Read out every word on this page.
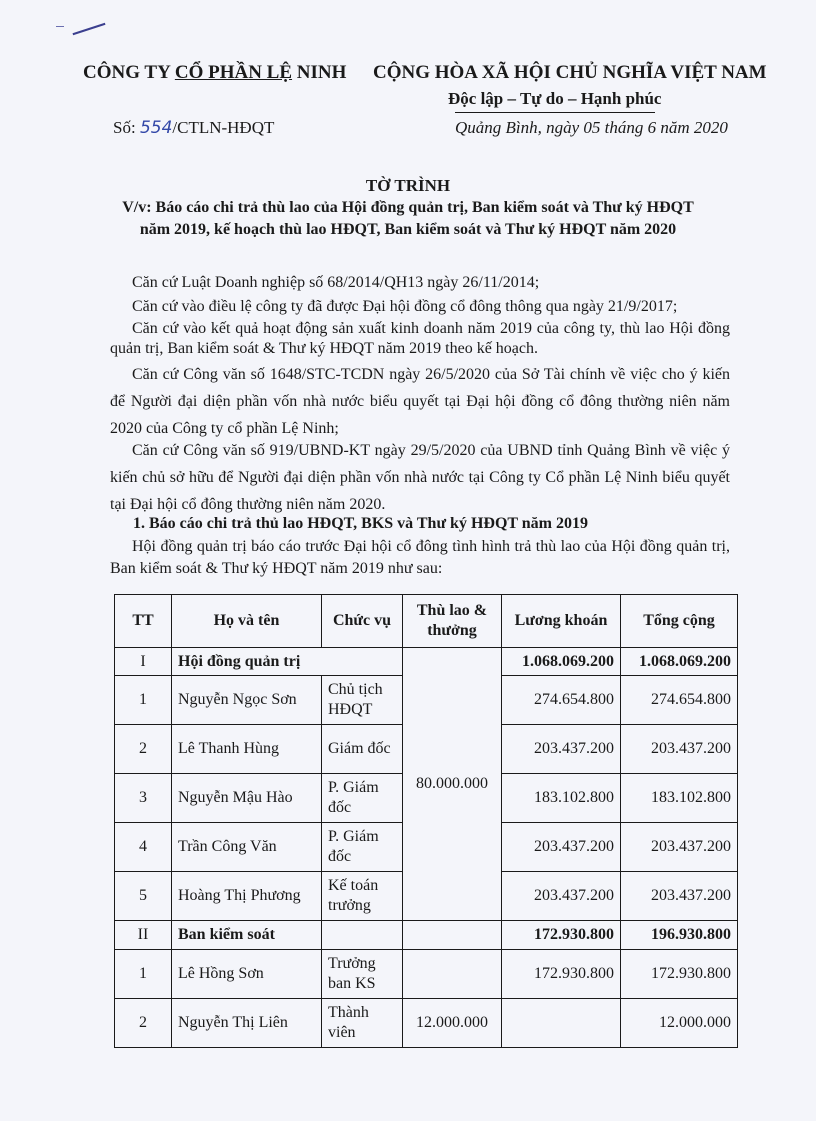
CÔNG TY CỔ PHẦN LỆ NINH CỘNG HÒA XÃ HỘI CHỦ NGHĨA VIỆT NAM
Độc lập – Tự do – Hạnh phúc
Số: 554/CTLN-HĐQT	Quảng Bình, ngày 05 tháng 6 năm 2020
TỜ TRÌNH
V/v: Báo cáo chi trả thù lao của Hội đồng quản trị, Ban kiểm soát và Thư ký HĐQT
năm 2019, kế hoạch thù lao HĐQT, Ban kiểm soát và Thư ký HĐQT năm 2020

Căn cứ Luật Doanh nghiệp số 68/2014/QH13 ngày 26/11/2014;

Căn cứ vào điều lệ công ty đã được Đại hội đồng cổ đông thông qua ngày 21/9/2017;

Căn cứ vào kết quả hoạt động sản xuất kinh doanh năm 2019 của công ty, thù lao Hội đồng quản trị, Ban kiểm soát & Thư ký HĐQT năm 2019 theo kế hoạch.

Căn cứ Công văn số 1648/STC-TCDN ngày 26/5/2020 của Sở Tài chính về việc cho ý kiến để Người đại diện phần vốn nhà nước biểu quyết tại Đại hội đồng cổ đông thường niên năm 2020 của Công ty cổ phần Lệ Ninh;

Căn cứ Công văn số 919/UBND-KT ngày 29/5/2020 của UBND tỉnh Quảng Bình về việc ý kiến chủ sở hữu để Người đại diện phần vốn nhà nước tại Công ty Cổ phần Lệ Ninh biểu quyết tại Đại hội cổ đông thường niên năm 2020.

1. Báo cáo chi trả thủ lao HĐQT, BKS và Thư ký HĐQT năm 2019

Hội đồng quản trị báo cáo trước Đại hội cổ đông tình hình trả thù lao của Hội đồng quản trị, Ban kiểm soát & Thư ký HĐQT năm 2019 như sau:

TT	Họ và tên	Chức vụ	Thù lao & thưởng	Lương khoán	Tổng cộng
I	Hội đồng quản trị		80.000.000	1.068.069.200	1.068.069.200
1	Nguyễn Ngọc Sơn	Chủ tịch HĐQT		274.654.800	274.654.800
2	Lê Thanh Hùng	Giám đốc		203.437.200	203.437.200
3	Nguyễn Mậu Hào	P. Giám đốc		183.102.800	183.102.800
4	Trần Công Văn	P. Giám đốc		203.437.200	203.437.200
5	Hoàng Thị Phương	Kế toán trưởng		203.437.200	203.437.200
II	Ban kiểm soát			172.930.800	196.930.800
1	Lê Hồng Sơn	Trưởng ban KS		172.930.800	172.930.800
2	Nguyễn Thị Liên	Thành viên	12.000.000		12.000.000
